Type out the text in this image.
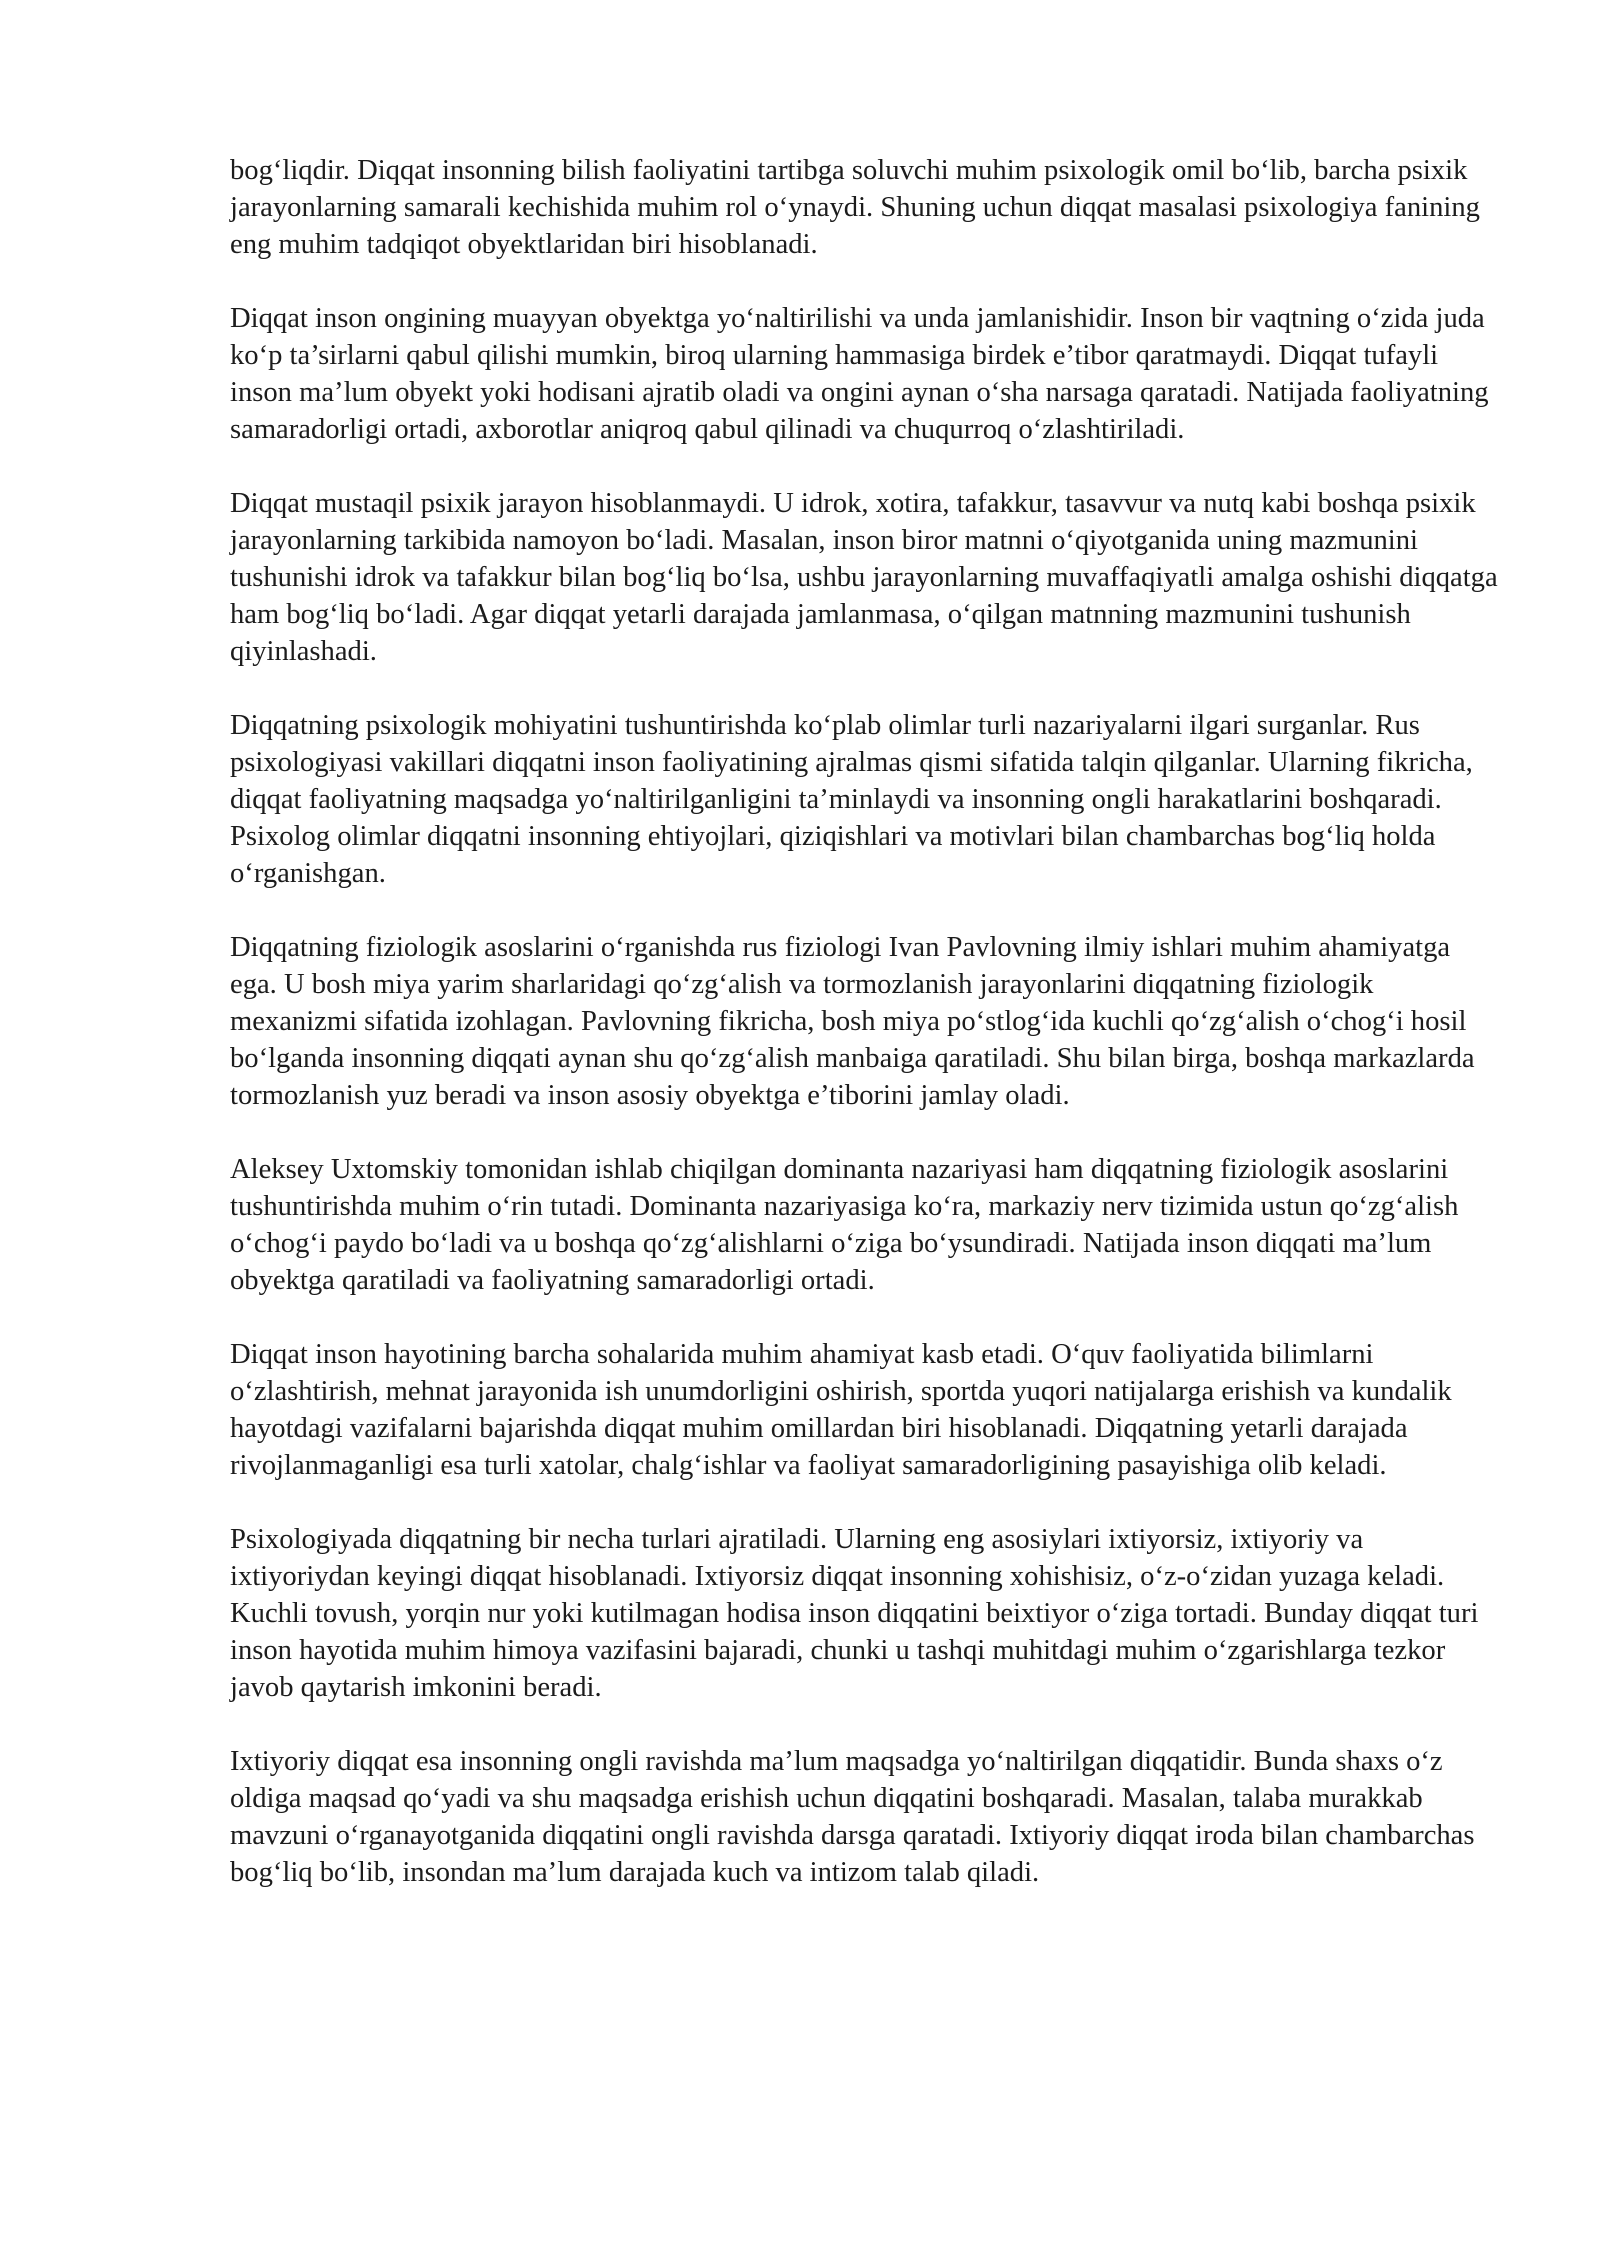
bog‘liqdir. Diqqat insonning bilish faoliyatini tartibga soluvchi muhim psixologik omil bo‘lib, barcha psixik jarayonlarning samarali kechishida muhim rol o‘ynaydi. Shuning uchun diqqat masalasi psixologiya fanining eng muhim tadqiqot obyektlaridan biri hisoblanadi.

Diqqat inson ongining muayyan obyektga yo‘naltirilishi va unda jamlanishidir. Inson bir vaqtning o‘zida juda ko‘p ta’sirlarni qabul qilishi mumkin, biroq ularning hammasiga birdek e’tibor qaratmaydi. Diqqat tufayli inson ma’lum obyekt yoki hodisani ajratib oladi va ongini aynan o‘sha narsaga qaratadi. Natijada faoliyatning samaradorligi ortadi, axborotlar aniqroq qabul qilinadi va chuqurroq o‘zlashtiriladi.

Diqqat mustaqil psixik jarayon hisoblanmaydi. U idrok, xotira, tafakkur, tasavvur va nutq kabi boshqa psixik jarayonlarning tarkibida namoyon bo‘ladi. Masalan, inson biror matnni o‘qiyotganida uning mazmunini tushunishi idrok va tafakkur bilan bog‘liq bo‘lsa, ushbu jarayonlarning muvaffaqiyatli amalga oshishi diqqatga ham bog‘liq bo‘ladi. Agar diqqat yetarli darajada jamlanmasa, o‘qilgan matnning mazmunini tushunish qiyinlashadi.

Diqqatning psixologik mohiyatini tushuntirishda ko‘plab olimlar turli nazariyalarni ilgari surganlar. Rus psixologiyasi vakillari diqqatni inson faoliyatining ajralmas qismi sifatida talqin qilganlar. Ularning fikricha, diqqat faoliyatning maqsadga yo‘naltirilganligini ta’minlaydi va insonning ongli harakatlarini boshqaradi. Psixolog olimlar diqqatni insonning ehtiyojlari, qiziqishlari va motivlari bilan chambarchas bog‘liq holda o‘rganishgan.

Diqqatning fiziologik asoslarini o‘rganishda rus fiziologi Ivan Pavlovning ilmiy ishlari muhim ahamiyatga ega. U bosh miya yarim sharlaridagi qo‘zg‘alish va tormozlanish jarayonlarini diqqatning fiziologik mexanizmi sifatida izohlagan. Pavlovning fikricha, bosh miya po‘stlog‘ida kuchli qo‘zg‘alish o‘chog‘i hosil bo‘lganda insonning diqqati aynan shu qo‘zg‘alish manbaiga qaratiladi. Shu bilan birga, boshqa markazlarda tormozlanish yuz beradi va inson asosiy obyektga e’tiborini jamlay oladi.

Aleksey Uxtomskiy tomonidan ishlab chiqilgan dominanta nazariyasi ham diqqatning fiziologik asoslarini tushuntirishda muhim o‘rin tutadi. Dominanta nazariyasiga ko‘ra, markaziy nerv tizimida ustun qo‘zg‘alish o‘chog‘i paydo bo‘ladi va u boshqa qo‘zg‘alishlarni o‘ziga bo‘ysundiradi. Natijada inson diqqati ma’lum obyektga qaratiladi va faoliyatning samaradorligi ortadi.

Diqqat inson hayotining barcha sohalarida muhim ahamiyat kasb etadi. O‘quv faoliyatida bilimlarni o‘zlashtirish, mehnat jarayonida ish unumdorligini oshirish, sportda yuqori natijalarga erishish va kundalik hayotdagi vazifalarni bajarishda diqqat muhim omillardan biri hisoblanadi. Diqqatning yetarli darajada rivojlanmaganligi esa turli xatolar, chalg‘ishlar va faoliyat samaradorligining pasayishiga olib keladi.

Psixologiyada diqqatning bir necha turlari ajratiladi. Ularning eng asosiylari ixtiyorsiz, ixtiyoriy va ixtiyoriydan keyingi diqqat hisoblanadi. Ixtiyorsiz diqqat insonning xohishisiz, o‘z-o‘zidan yuzaga keladi. Kuchli tovush, yorqin nur yoki kutilmagan hodisa inson diqqatini beixtiyor o‘ziga tortadi. Bunday diqqat turi inson hayotida muhim himoya vazifasini bajaradi, chunki u tashqi muhitdagi muhim o‘zgarishlarga tezkor javob qaytarish imkonini beradi.

Ixtiyoriy diqqat esa insonning ongli ravishda ma’lum maqsadga yo‘naltirilgan diqqatidir. Bunda shaxs o‘z oldiga maqsad qo‘yadi va shu maqsadga erishish uchun diqqatini boshqaradi. Masalan, talaba murakkab mavzuni o‘rganayotganida diqqatini ongli ravishda darsga qaratadi. Ixtiyoriy diqqat iroda bilan chambarchas bog‘liq bo‘lib, insondan ma’lum darajada kuch va intizom talab qiladi.
